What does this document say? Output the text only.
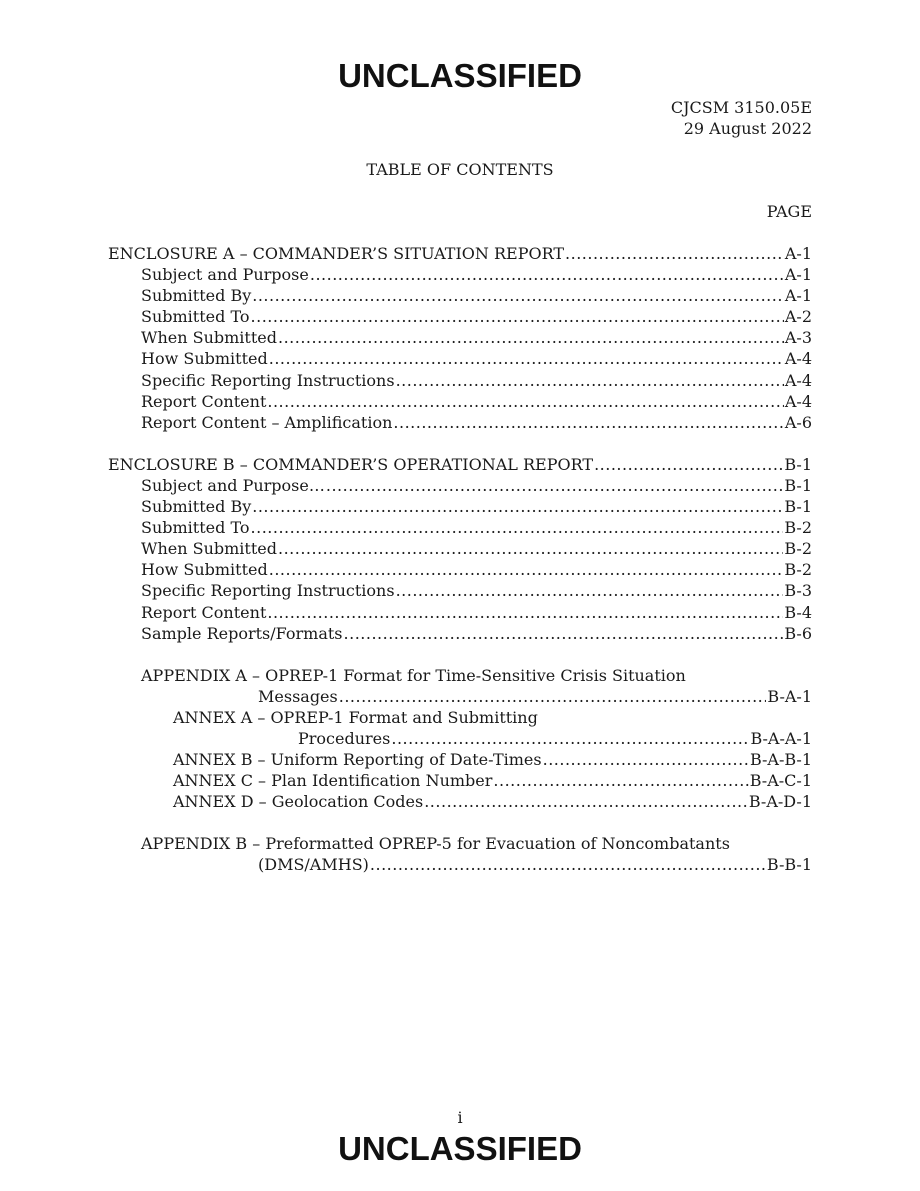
UNCLASSIFIED
CJCSM 3150.05E
29 August 2022
TABLE OF CONTENTS
PAGE
ENCLOSURE A – COMMANDER’S SITUATION REPORT .....	A-1
Subject and Purpose .....	A-1
Submitted By .....	A-1
Submitted To .....	A-2
When Submitted .....	A-3
How Submitted .....	A-4
Specific Reporting Instructions .....	A-4
Report Content .....	A-4
Report Content – Amplification .....	A-6
ENCLOSURE B – COMMANDER’S OPERATIONAL REPORT .....	B-1
Subject and Purpose… .....	B-1
Submitted By .....	B-1
Submitted To .....	B-2
When Submitted .....	B-2
How Submitted .....	B-2
Specific Reporting Instructions .....	B-3
Report Content .....	B-4
Sample Reports/Formats .....	B-6
APPENDIX A – OPREP-1 Format for Time-Sensitive Crisis Situation
Messages .....	B-A-1
ANNEX A – OPREP-1 Format and Submitting
Procedures .....	B-A-A-1
ANNEX B – Uniform Reporting of Date-Times .....	B-A-B-1
ANNEX C – Plan Identification Number .....	B-A-C-1
ANNEX D – Geolocation Codes .....	B-A-D-1
APPENDIX B – Preformatted OPREP-5 for Evacuation of Noncombatants
(DMS/AMHS) .....	B-B-1
i
UNCLASSIFIED
